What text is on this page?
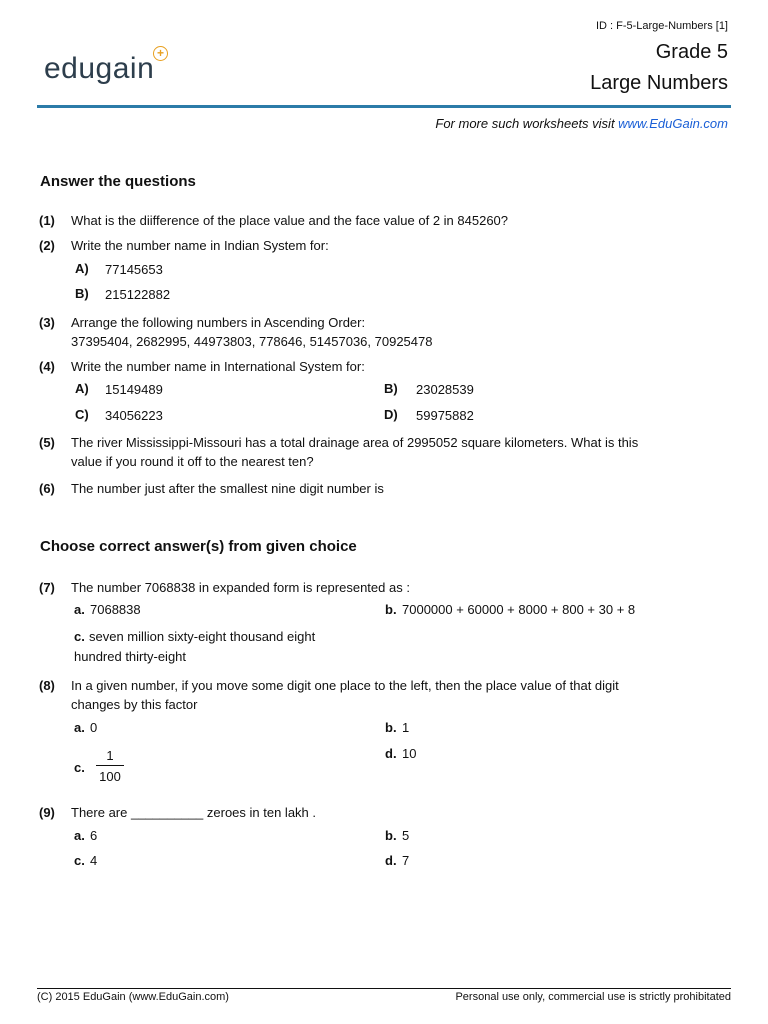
ID : F-5-Large-Numbers [1]
edugain +	Grade 5
Large Numbers
For more such worksheets visit www.EduGain.com
Answer the questions
(1) What is the diifference of the place value and the face value of 2 in 845260?
(2) Write the number name in Indian System for:
A) 77145653
B) 215122882
(3) Arrange the following numbers in Ascending Order:
37395404, 2682995, 44973803, 778646, 51457036, 70925478
(4) Write the number name in International System for:
A) 15149489	B) 23028539
C) 34056223	D) 59975882
(5) The river Mississippi-Missouri has a total drainage area of 2995052 square kilometers. What is this
value if you round it off to the nearest ten?
(6) The number just after the smallest nine digit number is
Choose correct answer(s) from given choice
(7) The number 7068838 in expanded form is represented as :
a. 7068838	b. 7000000 + 60000 + 8000 + 800 + 30 + 8
c. seven million sixty-eight thousand eight
hundred thirty-eight
(8) In a given number, if you move some digit one place to the left, then the place value of that digit
changes by this factor
a. 0	b. 1
c. $\frac{1}{100}$	d. 10
(9) There are __________ zeroes in ten lakh .
a. 6	b. 5
c. 4	d. 7
(C) 2015 EduGain (www.EduGain.com)	Personal use only, commercial use is strictly prohibitated
